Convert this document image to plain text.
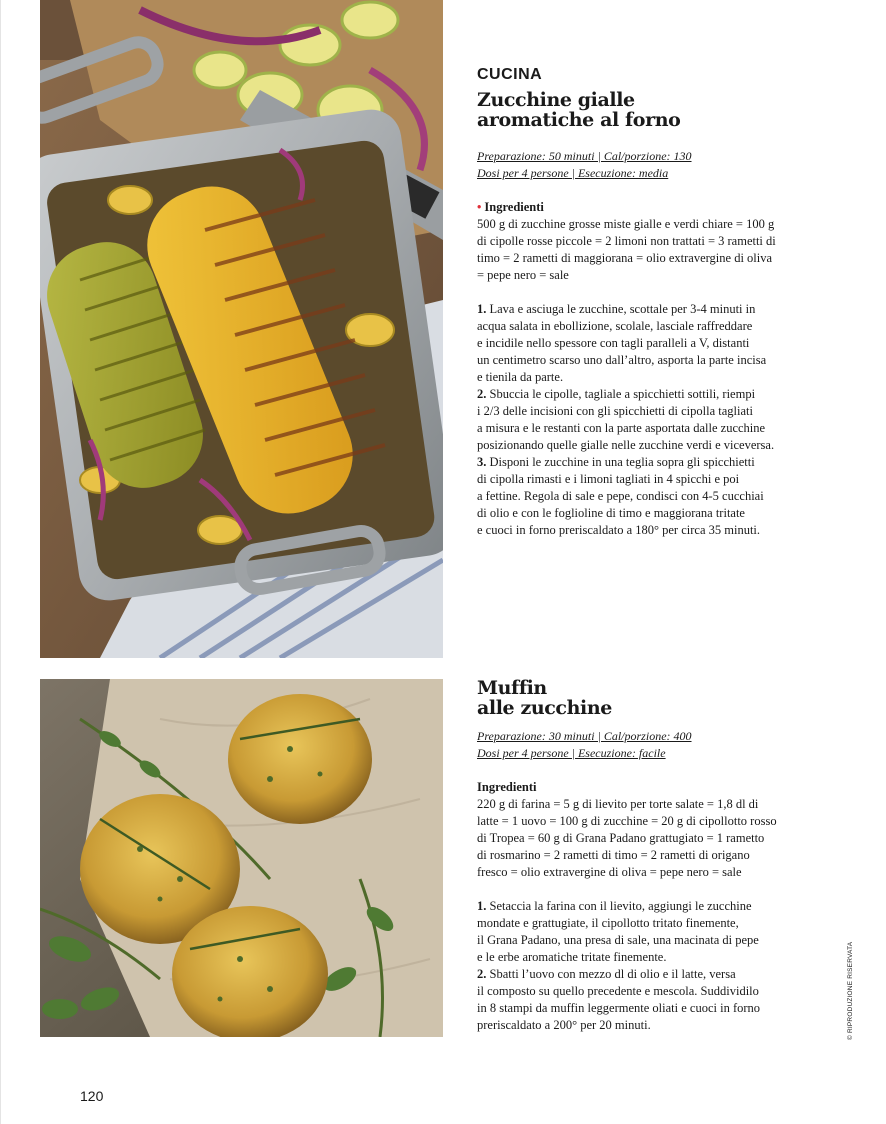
CUCINA
Zucchine gialle
aromatiche al forno
Preparazione: 50 minuti | Cal/porzione: 130
Dosi per 4 persone | Esecuzione: media
• Ingredienti
500 g di zucchine grosse miste gialle e verdi chiare = 100 g
di cipolle rosse piccole = 2 limoni non trattati = 3 rametti di
timo = 2 rametti di maggiorana = olio extravergine di oliva
= pepe nero = sale
1. Lava e asciuga le zucchine, scottale per 3-4 minuti in
acqua salata in ebollizione, scolale, lasciale raffreddare
e incidile nello spessore con tagli paralleli a V, distanti
un centimetro scarso uno dall’altro, asporta la parte incisa
e tienila da parte.
2. Sbuccia le cipolle, tagliale a spicchietti sottili, riempi
i 2/3 delle incisioni con gli spicchietti di cipolla tagliati
a misura e le restanti con la parte asportata dalle zucchine
posizionando quelle gialle nelle zucchine verdi e viceversa.
3. Disponi le zucchine in una teglia sopra gli spicchietti
di cipolla rimasti e i limoni tagliati in 4 spicchi e poi
a fettine. Regola di sale e pepe, condisci con 4-5 cucchiai
di olio e con le foglioline di timo e maggiorana tritate
e cuoci in forno preriscaldato a 180° per circa 35 minuti.
Muffin
alle zucchine
Preparazione: 30 minuti | Cal/porzione: 400
Dosi per 4 persone | Esecuzione: facile
Ingredienti
220 g di farina = 5 g di lievito per torte salate = 1,8 dl di
latte = 1 uovo = 100 g di zucchine = 20 g di cipollotto rosso
di Tropea = 60 g di Grana Padano grattugiato = 1 rametto
di rosmarino = 2 rametti di timo = 2 rametti di origano
fresco = olio extravergine di oliva = pepe nero = sale
1. Setaccia la farina con il lievito, aggiungi le zucchine
mondate e grattugiate, il cipollotto tritato finemente,
il Grana Padano, una presa di sale, una macinata di pepe
e le erbe aromatiche tritate finemente.
2. Sbatti l’uovo con mezzo dl di olio e il latte, versa
il composto su quello precedente e mescola. Suddividilo
in 8 stampi da muffin leggermente oliati e cuoci in forno
preriscaldato a 200° per 20 minuti.
120
© RIPRODUZIONE RISERVATA
